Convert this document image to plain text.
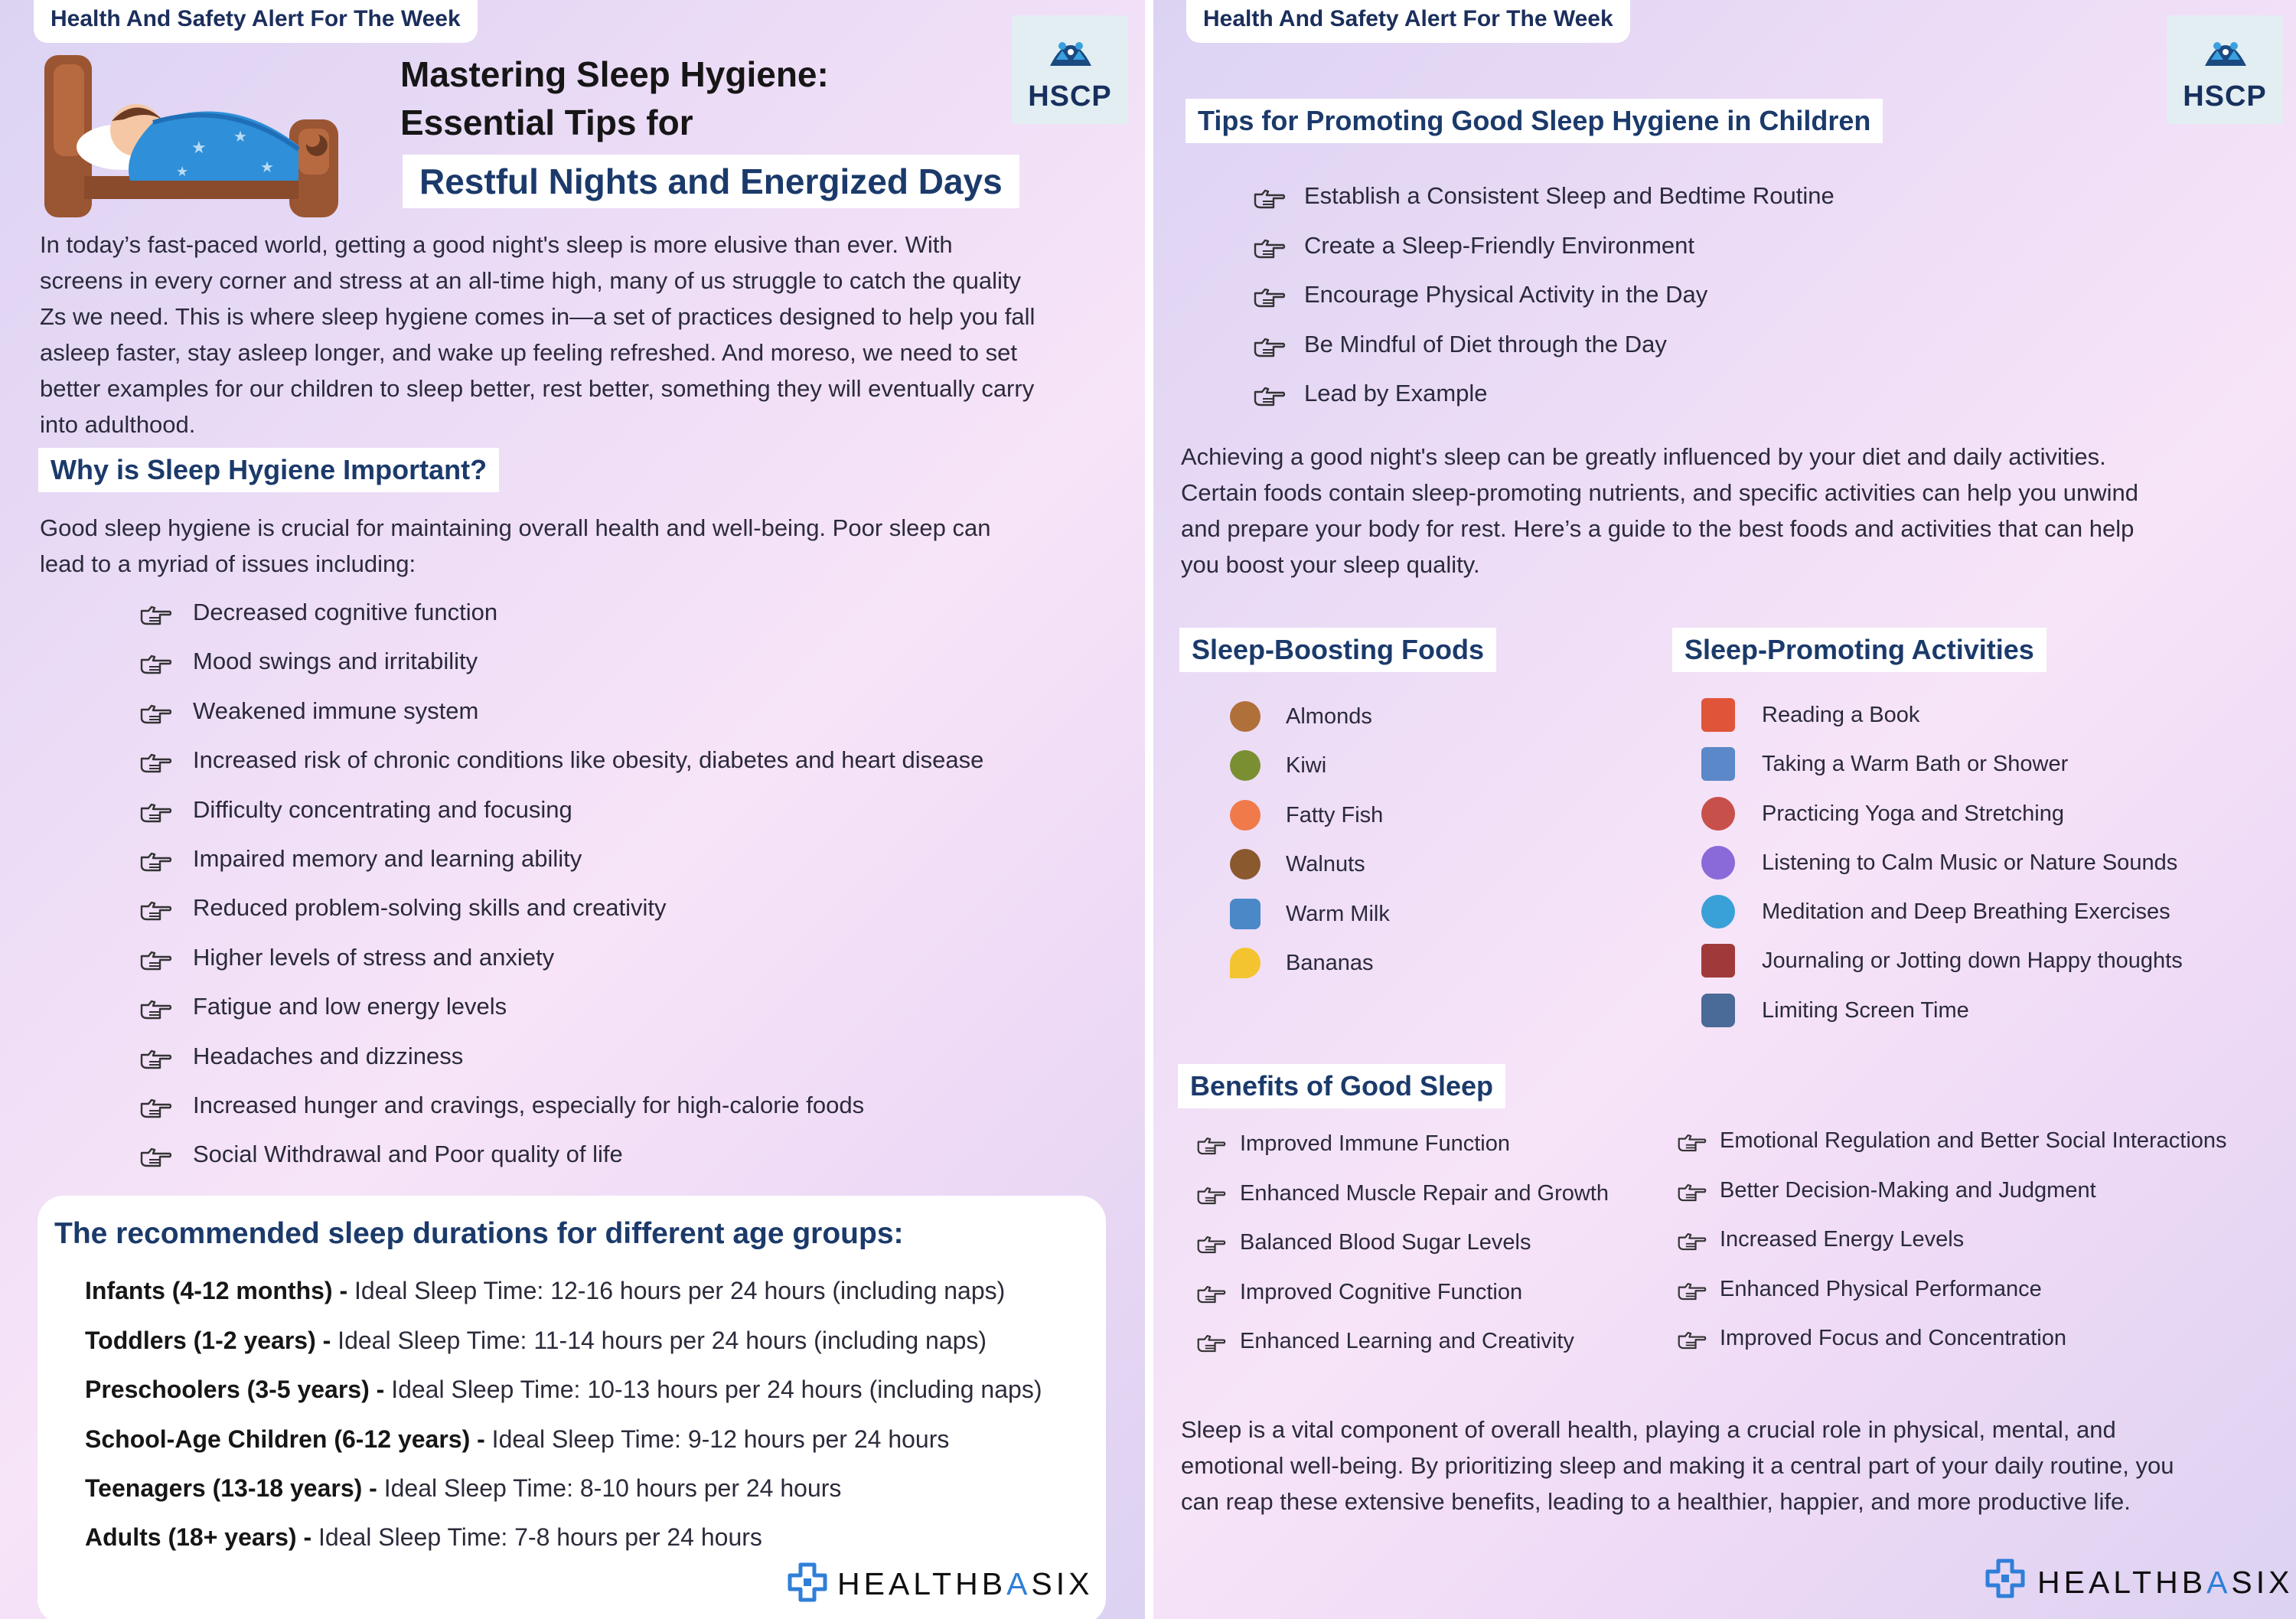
Health And Safety Alert For The Week
★
★
★
★
Mastering Sleep Hygiene:
Essential Tips for
Restful Nights and Energized Days
HSCP
In today’s fast-paced world, getting a good night's sleep is more elusive than ever. With
screens in every corner and stress at an all-time high, many of us struggle to catch the quality
Zs we need. This is where sleep hygiene comes in—a set of practices designed to help you fall
asleep faster, stay asleep longer, and wake up feeling refreshed. And moreso, we need to set
better examples for our children to sleep better, rest better, something they will eventually carry
into adulthood.
Why is Sleep Hygiene Important?
Good sleep hygiene is crucial for maintaining overall health and well-being. Poor sleep can
lead to a myriad of issues including:
Decreased cognitive function
Mood swings and irritability
Weakened immune system
Increased risk of chronic conditions like obesity, diabetes and heart disease
Difficulty concentrating and focusing
Impaired memory and learning ability
Reduced problem-solving skills and creativity
Higher levels of stress and anxiety
Fatigue and low energy levels
Headaches and dizziness
Increased hunger and cravings, especially for high-calorie foods
Social Withdrawal and Poor quality of life
The recommended sleep durations for different age groups:
Infants (4-12 months) - Ideal Sleep Time: 12-16 hours per 24 hours (including naps)
Toddlers (1-2 years) - Ideal Sleep Time: 11-14 hours per 24 hours (including naps)
Preschoolers (3-5 years) - Ideal Sleep Time: 10-13 hours per 24 hours (including naps)
School-Age Children (6-12 years) - Ideal Sleep Time: 9-12 hours per 24 hours
Teenagers (13-18 years) - Ideal Sleep Time: 8-10 hours per 24 hours
Adults (18+ years) - Ideal Sleep Time: 7-8 hours per 24 hours
HEALTHBASIX
Health And Safety Alert For The Week
HSCP
Tips for Promoting Good Sleep Hygiene in Children
Establish a Consistent Sleep and Bedtime Routine
Create a Sleep-Friendly Environment
Encourage Physical Activity in the Day
Be Mindful of Diet through the Day
Lead by Example
Achieving a good night's sleep can be greatly influenced by your diet and daily activities.
Certain foods contain sleep-promoting nutrients, and specific activities can help you unwind
and prepare your body for rest. Here’s a guide to the best foods and activities that can help
you boost your sleep quality.
Sleep-Boosting Foods	Sleep-Promoting Activities
Almonds
Kiwi
Fatty Fish
Walnuts
Warm Milk
Bananas
Reading a Book
Taking a Warm Bath or Shower
Practicing Yoga and Stretching
Listening to Calm Music or Nature Sounds
Meditation and Deep Breathing Exercises
Journaling or Jotting down Happy thoughts
Limiting Screen Time
Benefits of Good Sleep
Improved Immune Function
Enhanced Muscle Repair and Growth
Balanced Blood Sugar Levels
Improved Cognitive Function
Enhanced Learning and Creativity
Emotional Regulation and Better Social Interactions
Better Decision-Making and Judgment
Increased Energy Levels
Enhanced Physical Performance
Improved Focus and Concentration
Sleep is a vital component of overall health, playing a crucial role in physical, mental, and
emotional well-being. By prioritizing sleep and making it a central part of your daily routine, you
can reap these extensive benefits, leading to a healthier, happier, and more productive life.
HEALTHBASIX
